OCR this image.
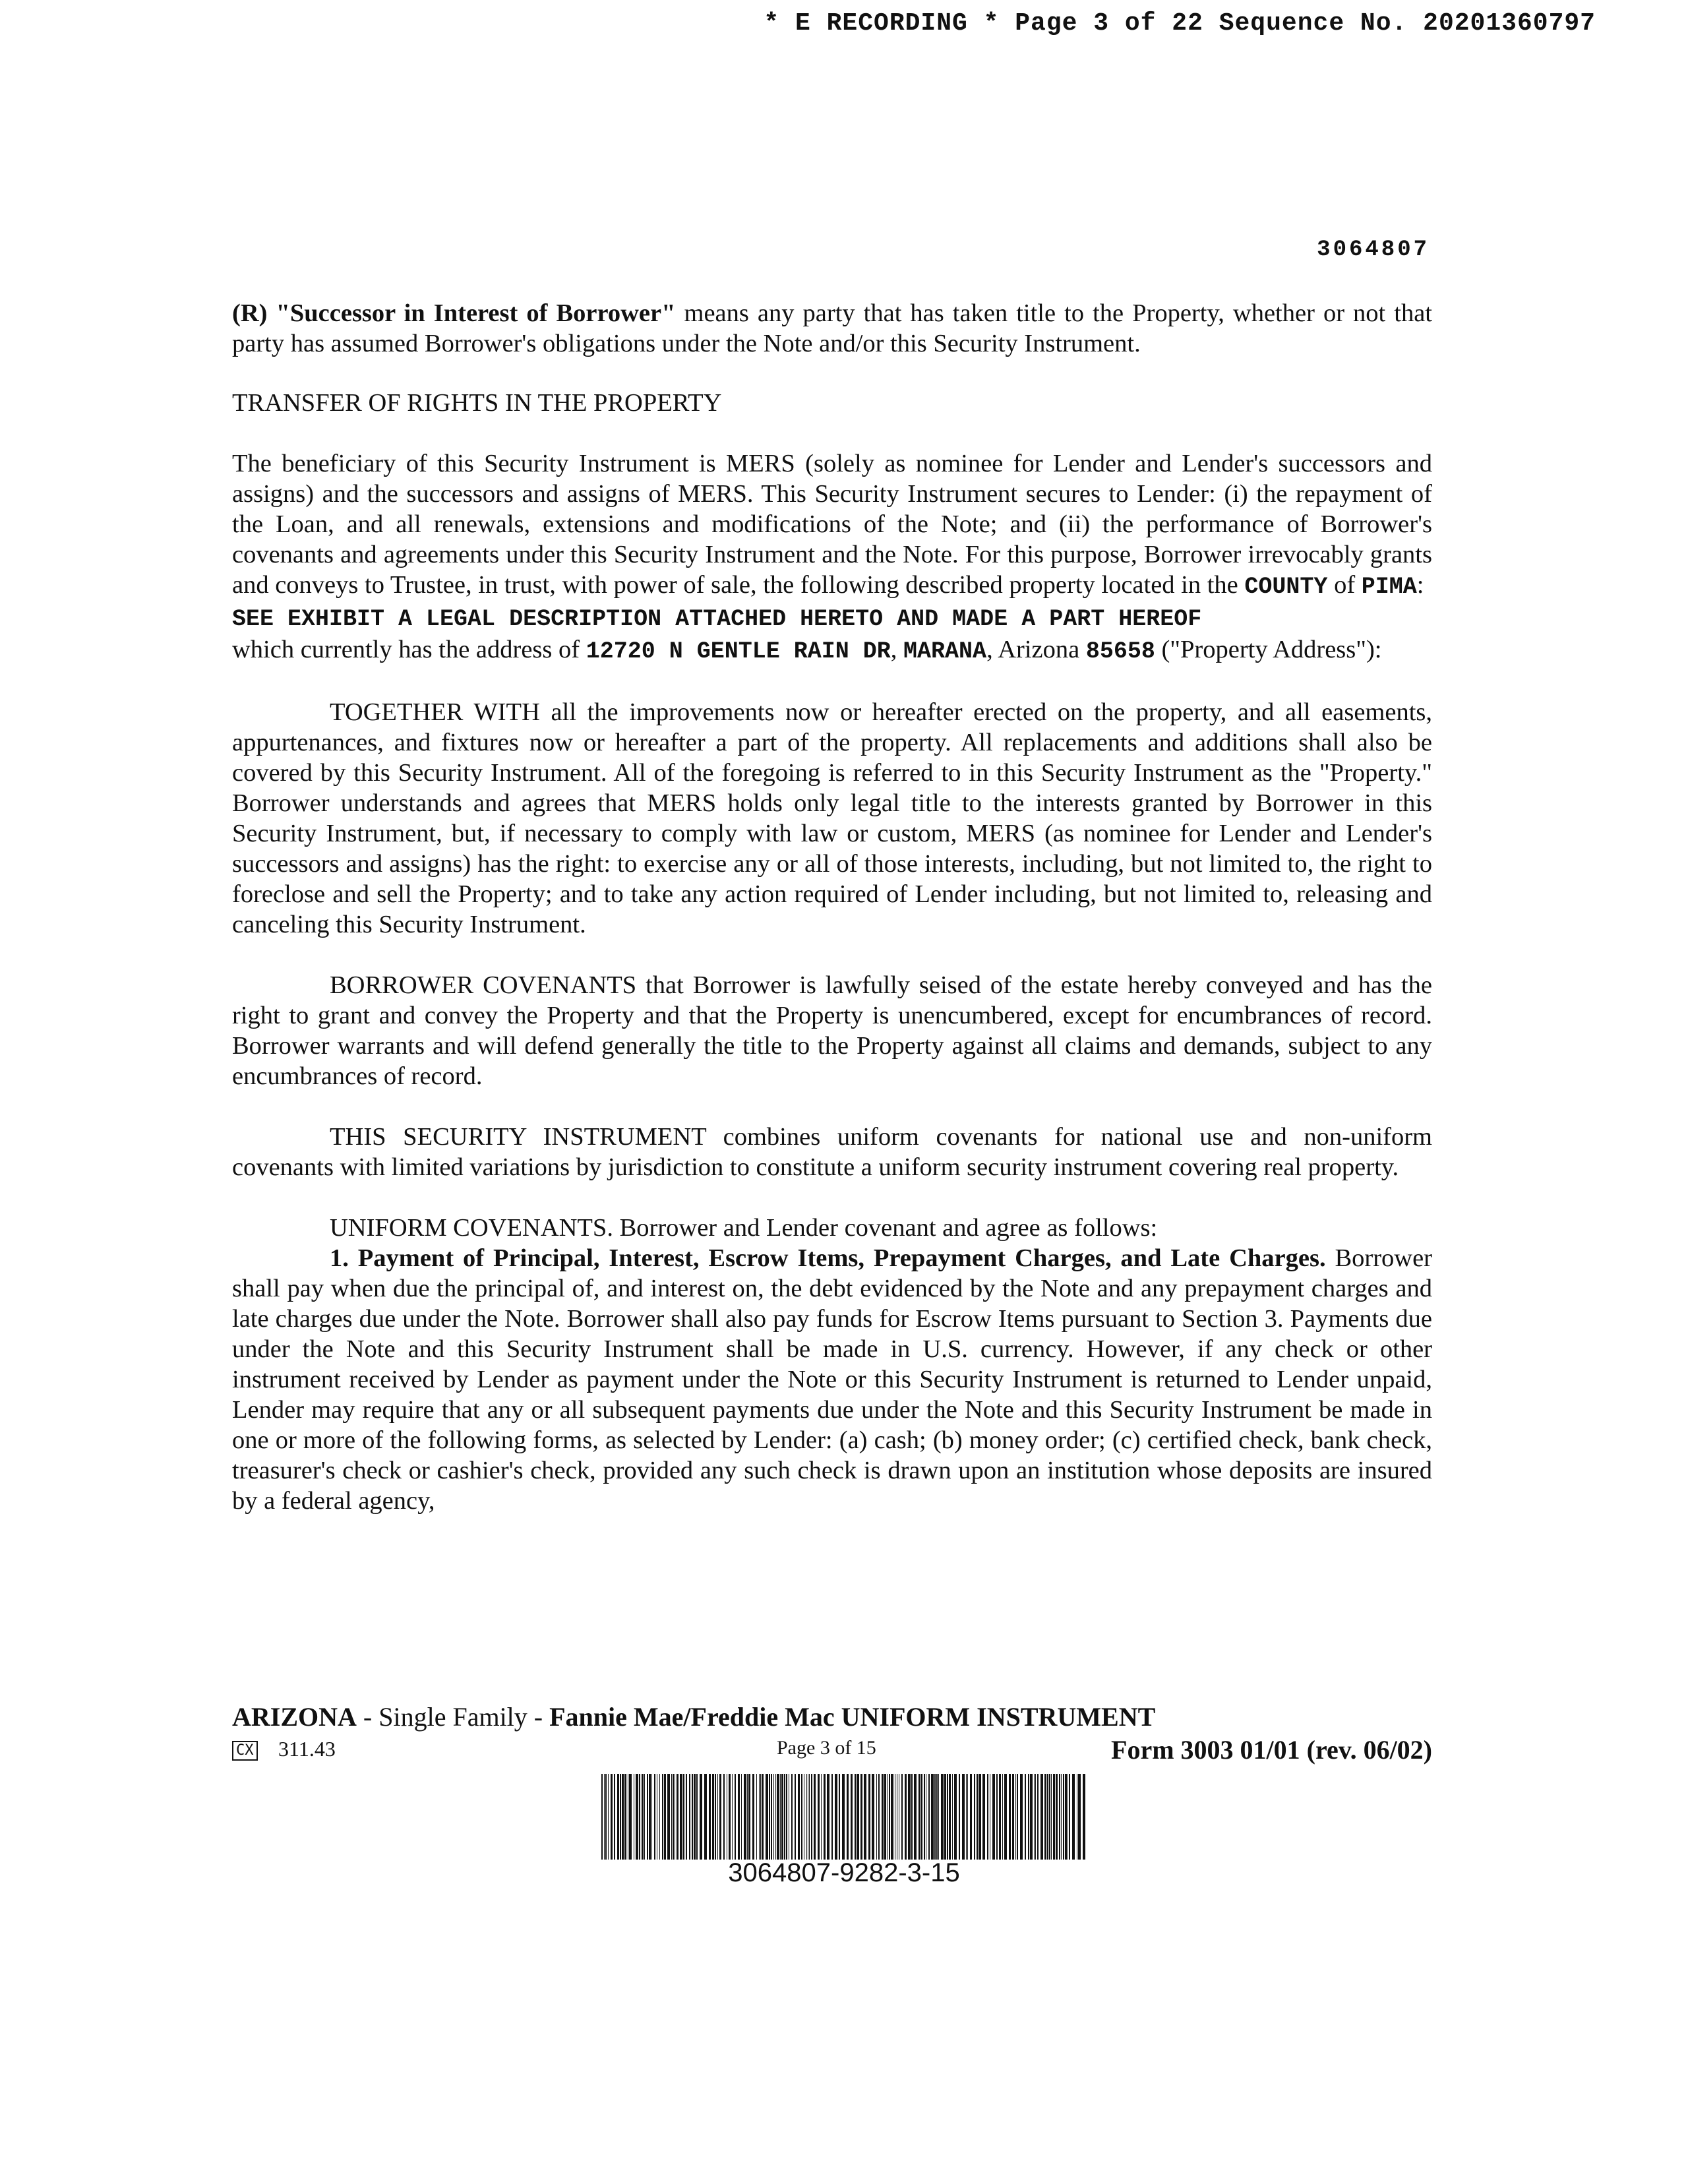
* E RECORDING * Page 3 of 22 Sequence No. 20201360797
3064807

(R) "Successor in Interest of Borrower" means any party that has taken title to the Property, whether or not that party has assumed Borrower's obligations under the Note and/or this Security Instrument.

TRANSFER OF RIGHTS IN THE PROPERTY

The beneficiary of this Security Instrument is MERS (solely as nominee for Lender and Lender's successors and assigns) and the successors and assigns of MERS. This Security Instrument secures to Lender: (i) the repayment of the Loan, and all renewals, extensions and modifications of the Note; and (ii) the performance of Borrower's covenants and agreements under this Security Instrument and the Note. For this purpose, Borrower irrevocably grants and conveys to Trustee, in trust, with power of sale, the following described property located in the COUNTY of PIMA:
SEE EXHIBIT A LEGAL DESCRIPTION ATTACHED HERETO AND MADE A PART HEREOF
which currently has the address of 12720 N GENTLE RAIN DR, MARANA, Arizona 85658 ("Property Address"):

TOGETHER WITH all the improvements now or hereafter erected on the property, and all easements, appurtenances, and fixtures now or hereafter a part of the property. All replacements and additions shall also be covered by this Security Instrument. All of the foregoing is referred to in this Security Instrument as the "Property." Borrower understands and agrees that MERS holds only legal title to the interests granted by Borrower in this Security Instrument, but, if necessary to comply with law or custom, MERS (as nominee for Lender and Lender's successors and assigns) has the right: to exercise any or all of those interests, including, but not limited to, the right to foreclose and sell the Property; and to take any action required of Lender including, but not limited to, releasing and canceling this Security Instrument.

BORROWER COVENANTS that Borrower is lawfully seised of the estate hereby conveyed and has the right to grant and convey the Property and that the Property is unencumbered, except for encumbrances of record. Borrower warrants and will defend generally the title to the Property against all claims and demands, subject to any encumbrances of record.

THIS SECURITY INSTRUMENT combines uniform covenants for national use and non-uniform covenants with limited variations by jurisdiction to constitute a uniform security instrument covering real property.

UNIFORM COVENANTS. Borrower and Lender covenant and agree as follows:

1. Payment of Principal, Interest, Escrow Items, Prepayment Charges, and Late Charges. Borrower shall pay when due the principal of, and interest on, the debt evidenced by the Note and any prepayment charges and late charges due under the Note. Borrower shall also pay funds for Escrow Items pursuant to Section 3. Payments due under the Note and this Security Instrument shall be made in U.S. currency. However, if any check or other instrument received by Lender as payment under the Note or this Security Instrument is returned to Lender unpaid, Lender may require that any or all subsequent payments due under the Note and this Security Instrument be made in one or more of the following forms, as selected by Lender: (a) cash; (b) money order; (c) certified check, bank check, treasurer's check or cashier's check, provided any such check is drawn upon an institution whose deposits are insured by a federal agency,

ARIZONA - Single Family - Fannie Mae/Freddie Mac UNIFORM INSTRUMENT
CX 311.43	Page 3 of 15	Form 3003 01/01 (rev. 06/02)
3064807-9282-3-15
